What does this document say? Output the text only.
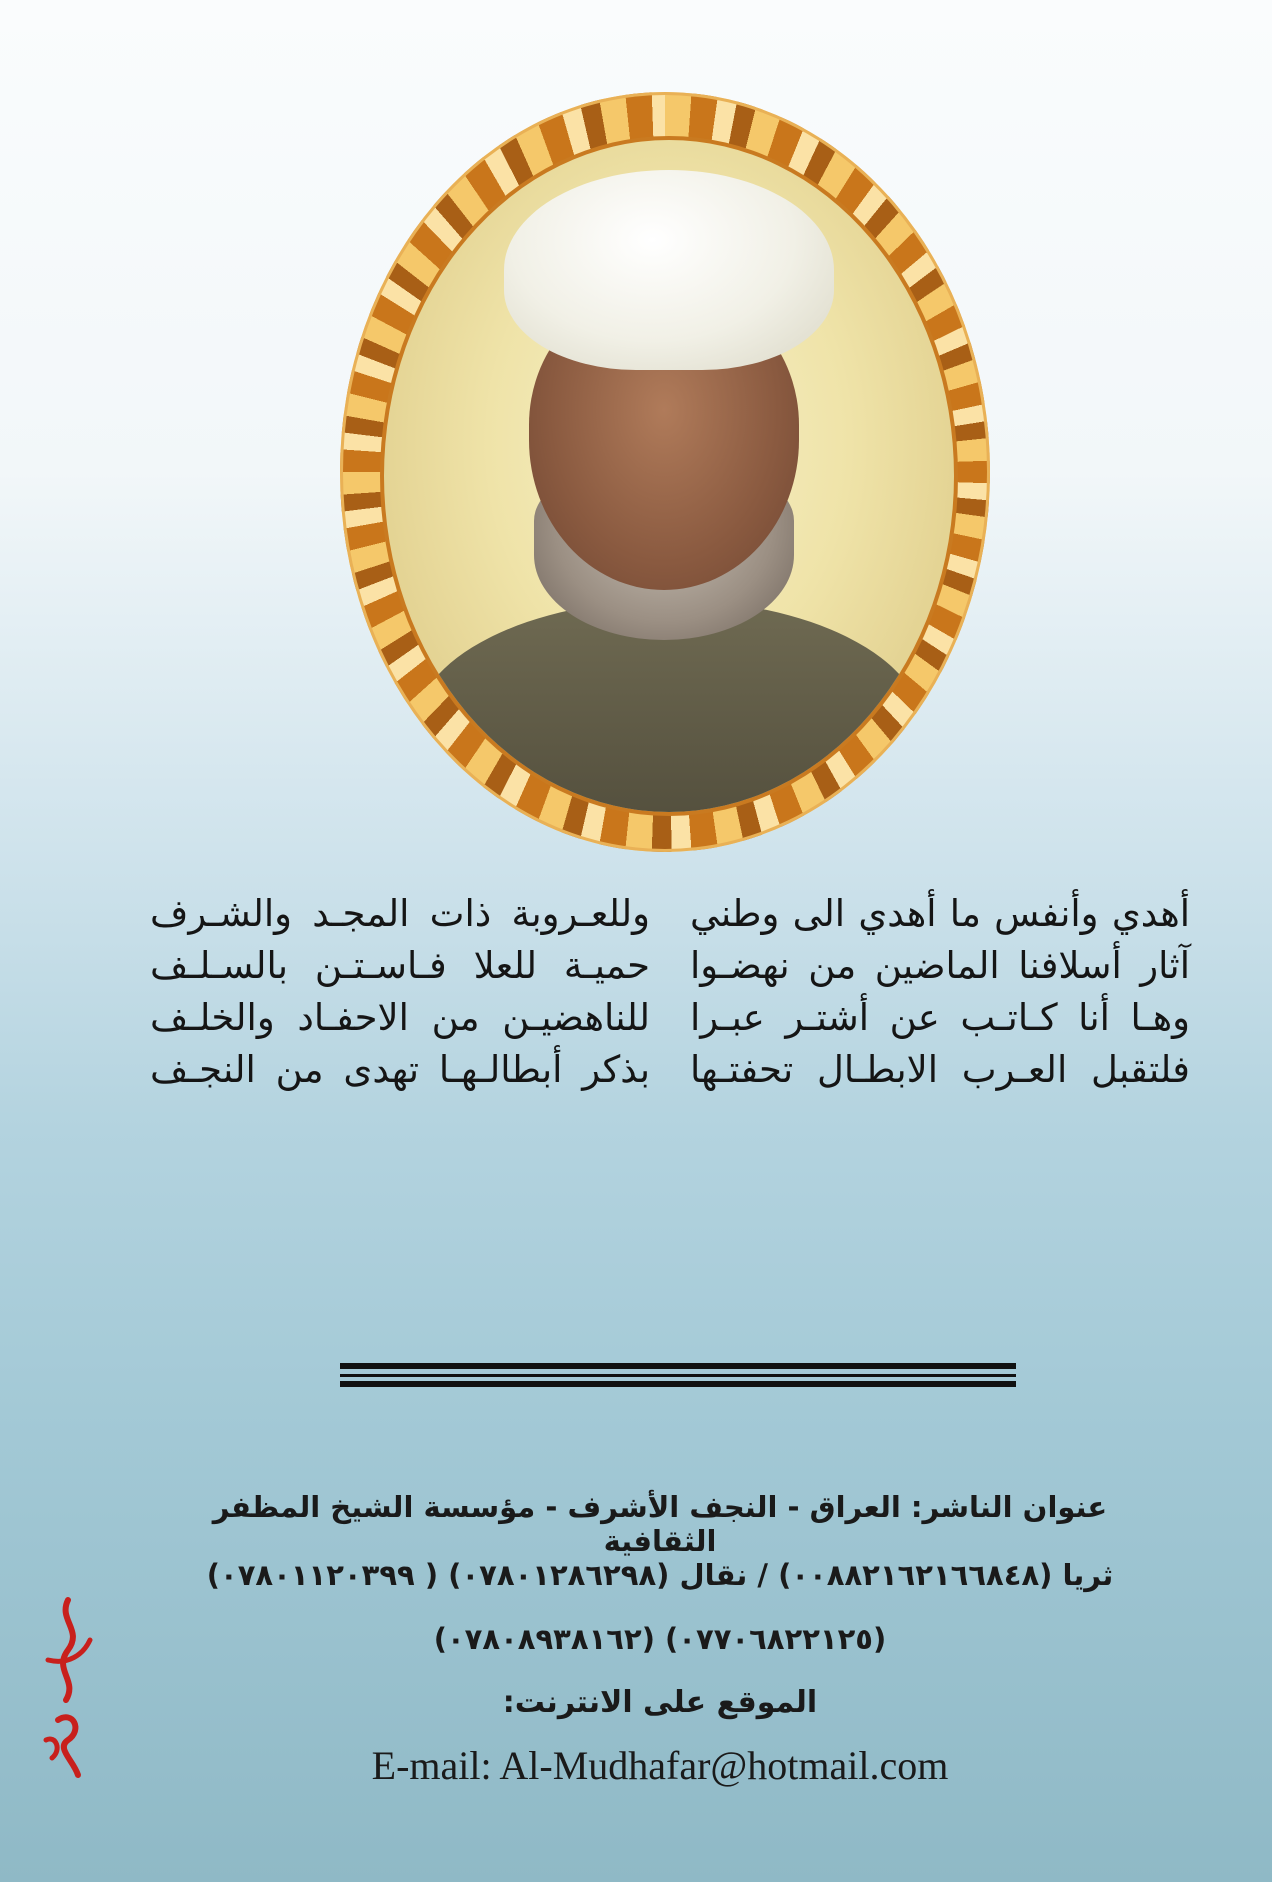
أهدي وأنفس ما أهدي الى وطني
وللعـروبة ذات المجـد والشـرف
آثار أسلافنا الماضين من نهضـوا
حميـة للعلا فـاسـتـن بالسـلـف
وهـا أنا كـاتـب عن أشتـر عبـرا
للناهضيـن من الاحفـاد والخلـف
فلتقبل العـرب الابطـال تحفتـها
بذكر أبطالـهـا تهدى من النجـف
عنوان الناشر: العراق - النجف الأشرف - مؤسسة الشيخ المظفر الثقافية
ثريا (٠٠٨٨٢١٦٢١٦٦٨٤٨) / نقال (٠٧٨٠١٢٨٦٢٩٨) ( ٠٧٨٠١١٢٠٣٩٩)
(٠٧٧٠٦٨٢٢١٢٥) (٠٧٨٠٨٩٣٨١٦٢)
الموقع على الانترنت:
E-mail: Al-Mudhafar@hotmail.com
